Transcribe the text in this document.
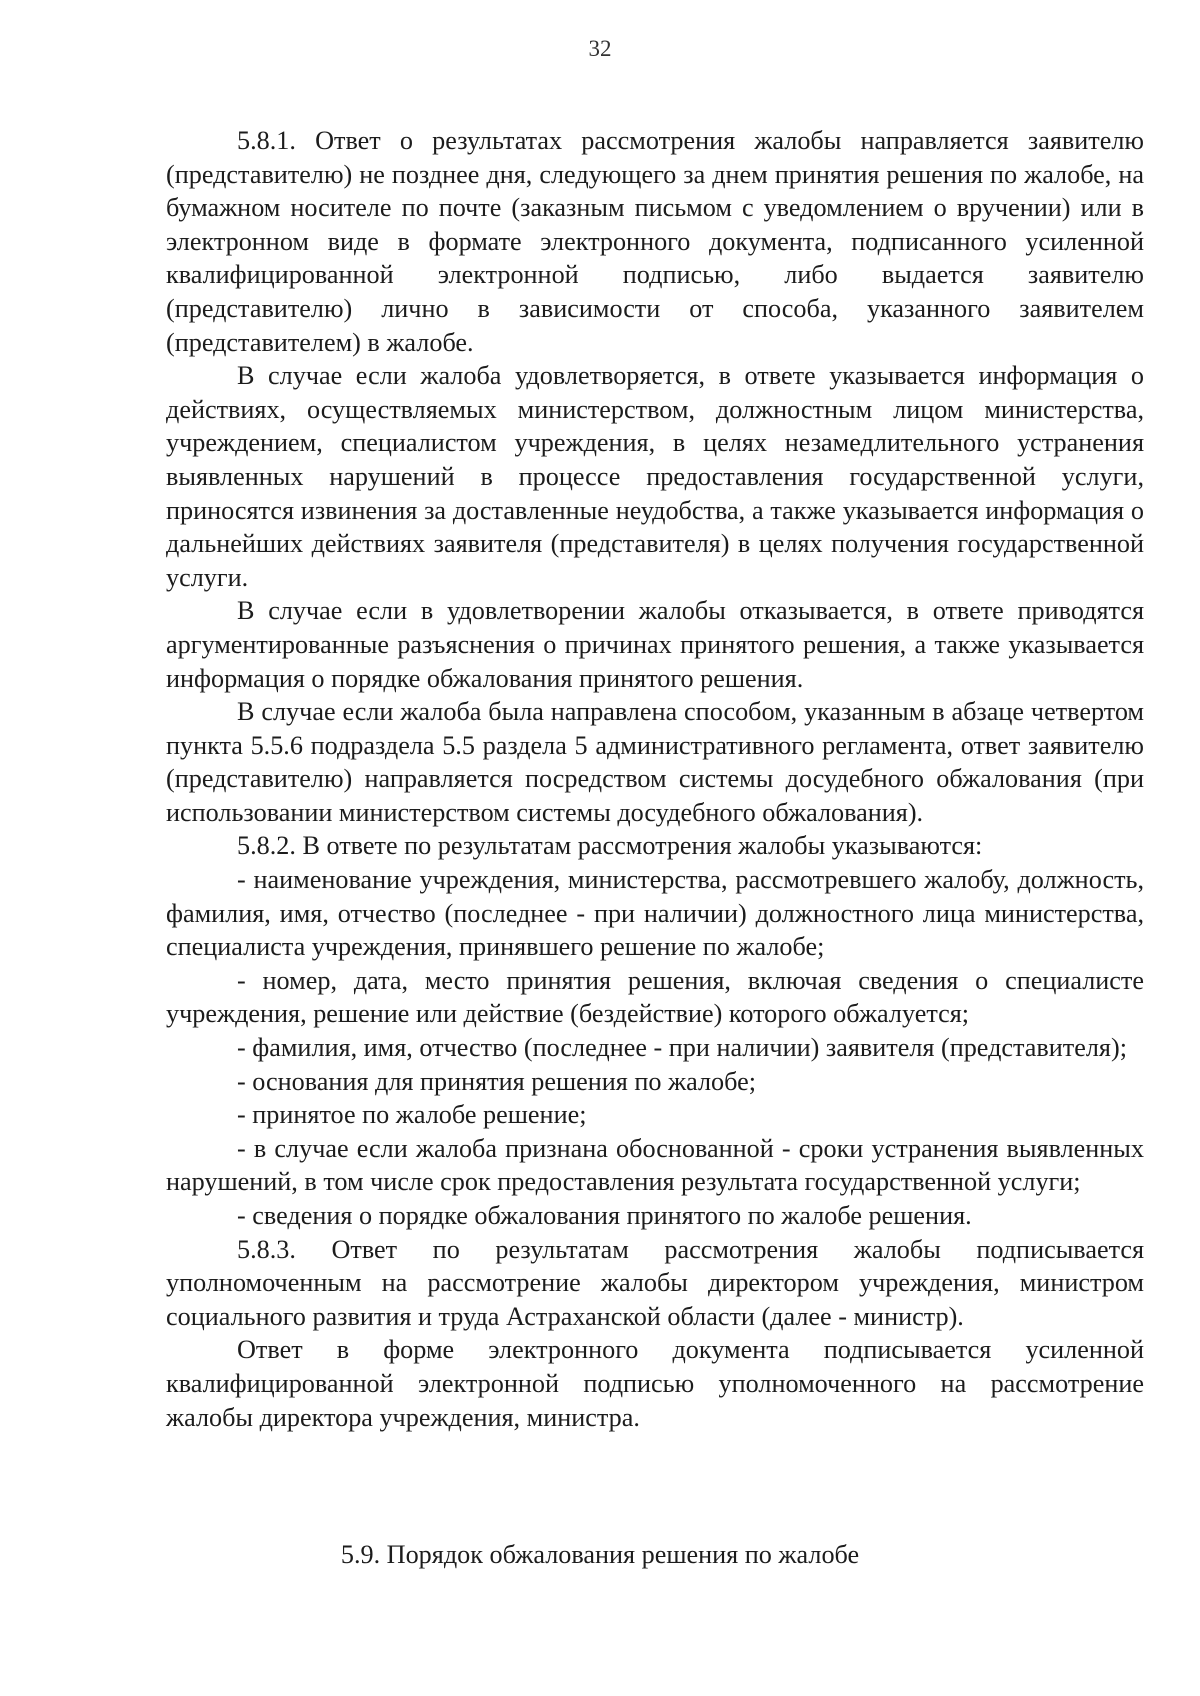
32

5.8.1. Ответ о результатах рассмотрения жалобы направляется заявителю (представителю) не позднее дня, следующего за днем принятия решения по жалобе, на бумажном носителе по почте (заказным письмом с уведомлением о вручении) или в электронном виде в формате электронного документа, подписанного усиленной квалифицированной электронной подписью, либо выдается заявителю (представителю) лично в зависимости от способа, указанного заявителем (представителем) в жалобе.

В случае если жалоба удовлетворяется, в ответе указывается информация о действиях, осуществляемых министерством, должностным лицом министерства, учреждением, специалистом учреждения, в целях незамедлительного устранения выявленных нарушений в процессе предоставления государственной услуги, приносятся извинения за доставленные неудобства, а также указывается информация о дальнейших действиях заявителя (представителя) в целях получения государственной услуги.

В случае если в удовлетворении жалобы отказывается, в ответе приводятся аргументированные разъяснения о причинах принятого решения, а также указывается информация о порядке обжалования принятого решения.

В случае если жалоба была направлена способом, указанным в абзаце четвертом пункта 5.5.6 подраздела 5.5 раздела 5 административного регламента, ответ заявителю (представителю) направляется посредством системы досудебного обжалования (при использовании министерством системы досудебного обжалования).

5.8.2. В ответе по результатам рассмотрения жалобы указываются:

- наименование учреждения, министерства, рассмотревшего жалобу, должность, фамилия, имя, отчество (последнее - при наличии) должностного лица министерства, специалиста учреждения, принявшего решение по жалобе;

- номер, дата, место принятия решения, включая сведения о специалисте учреждения, решение или действие (бездействие) которого обжалуется;

- фамилия, имя, отчество (последнее - при наличии) заявителя (представителя);

- основания для принятия решения по жалобе;

- принятое по жалобе решение;

- в случае если жалоба признана обоснованной - сроки устранения выявленных нарушений, в том числе срок предоставления результата государственной услуги;

- сведения о порядке обжалования принятого по жалобе решения.

5.8.3. Ответ по результатам рассмотрения жалобы подписывается уполномоченным на рассмотрение жалобы директором учреждения, министром социального развития и труда Астраханской области (далее - министр).

Ответ в форме электронного документа подписывается усиленной квалифицированной электронной подписью уполномоченного на рассмотрение жалобы директора учреждения, министра.

5.9. Порядок обжалования решения по жалобе
